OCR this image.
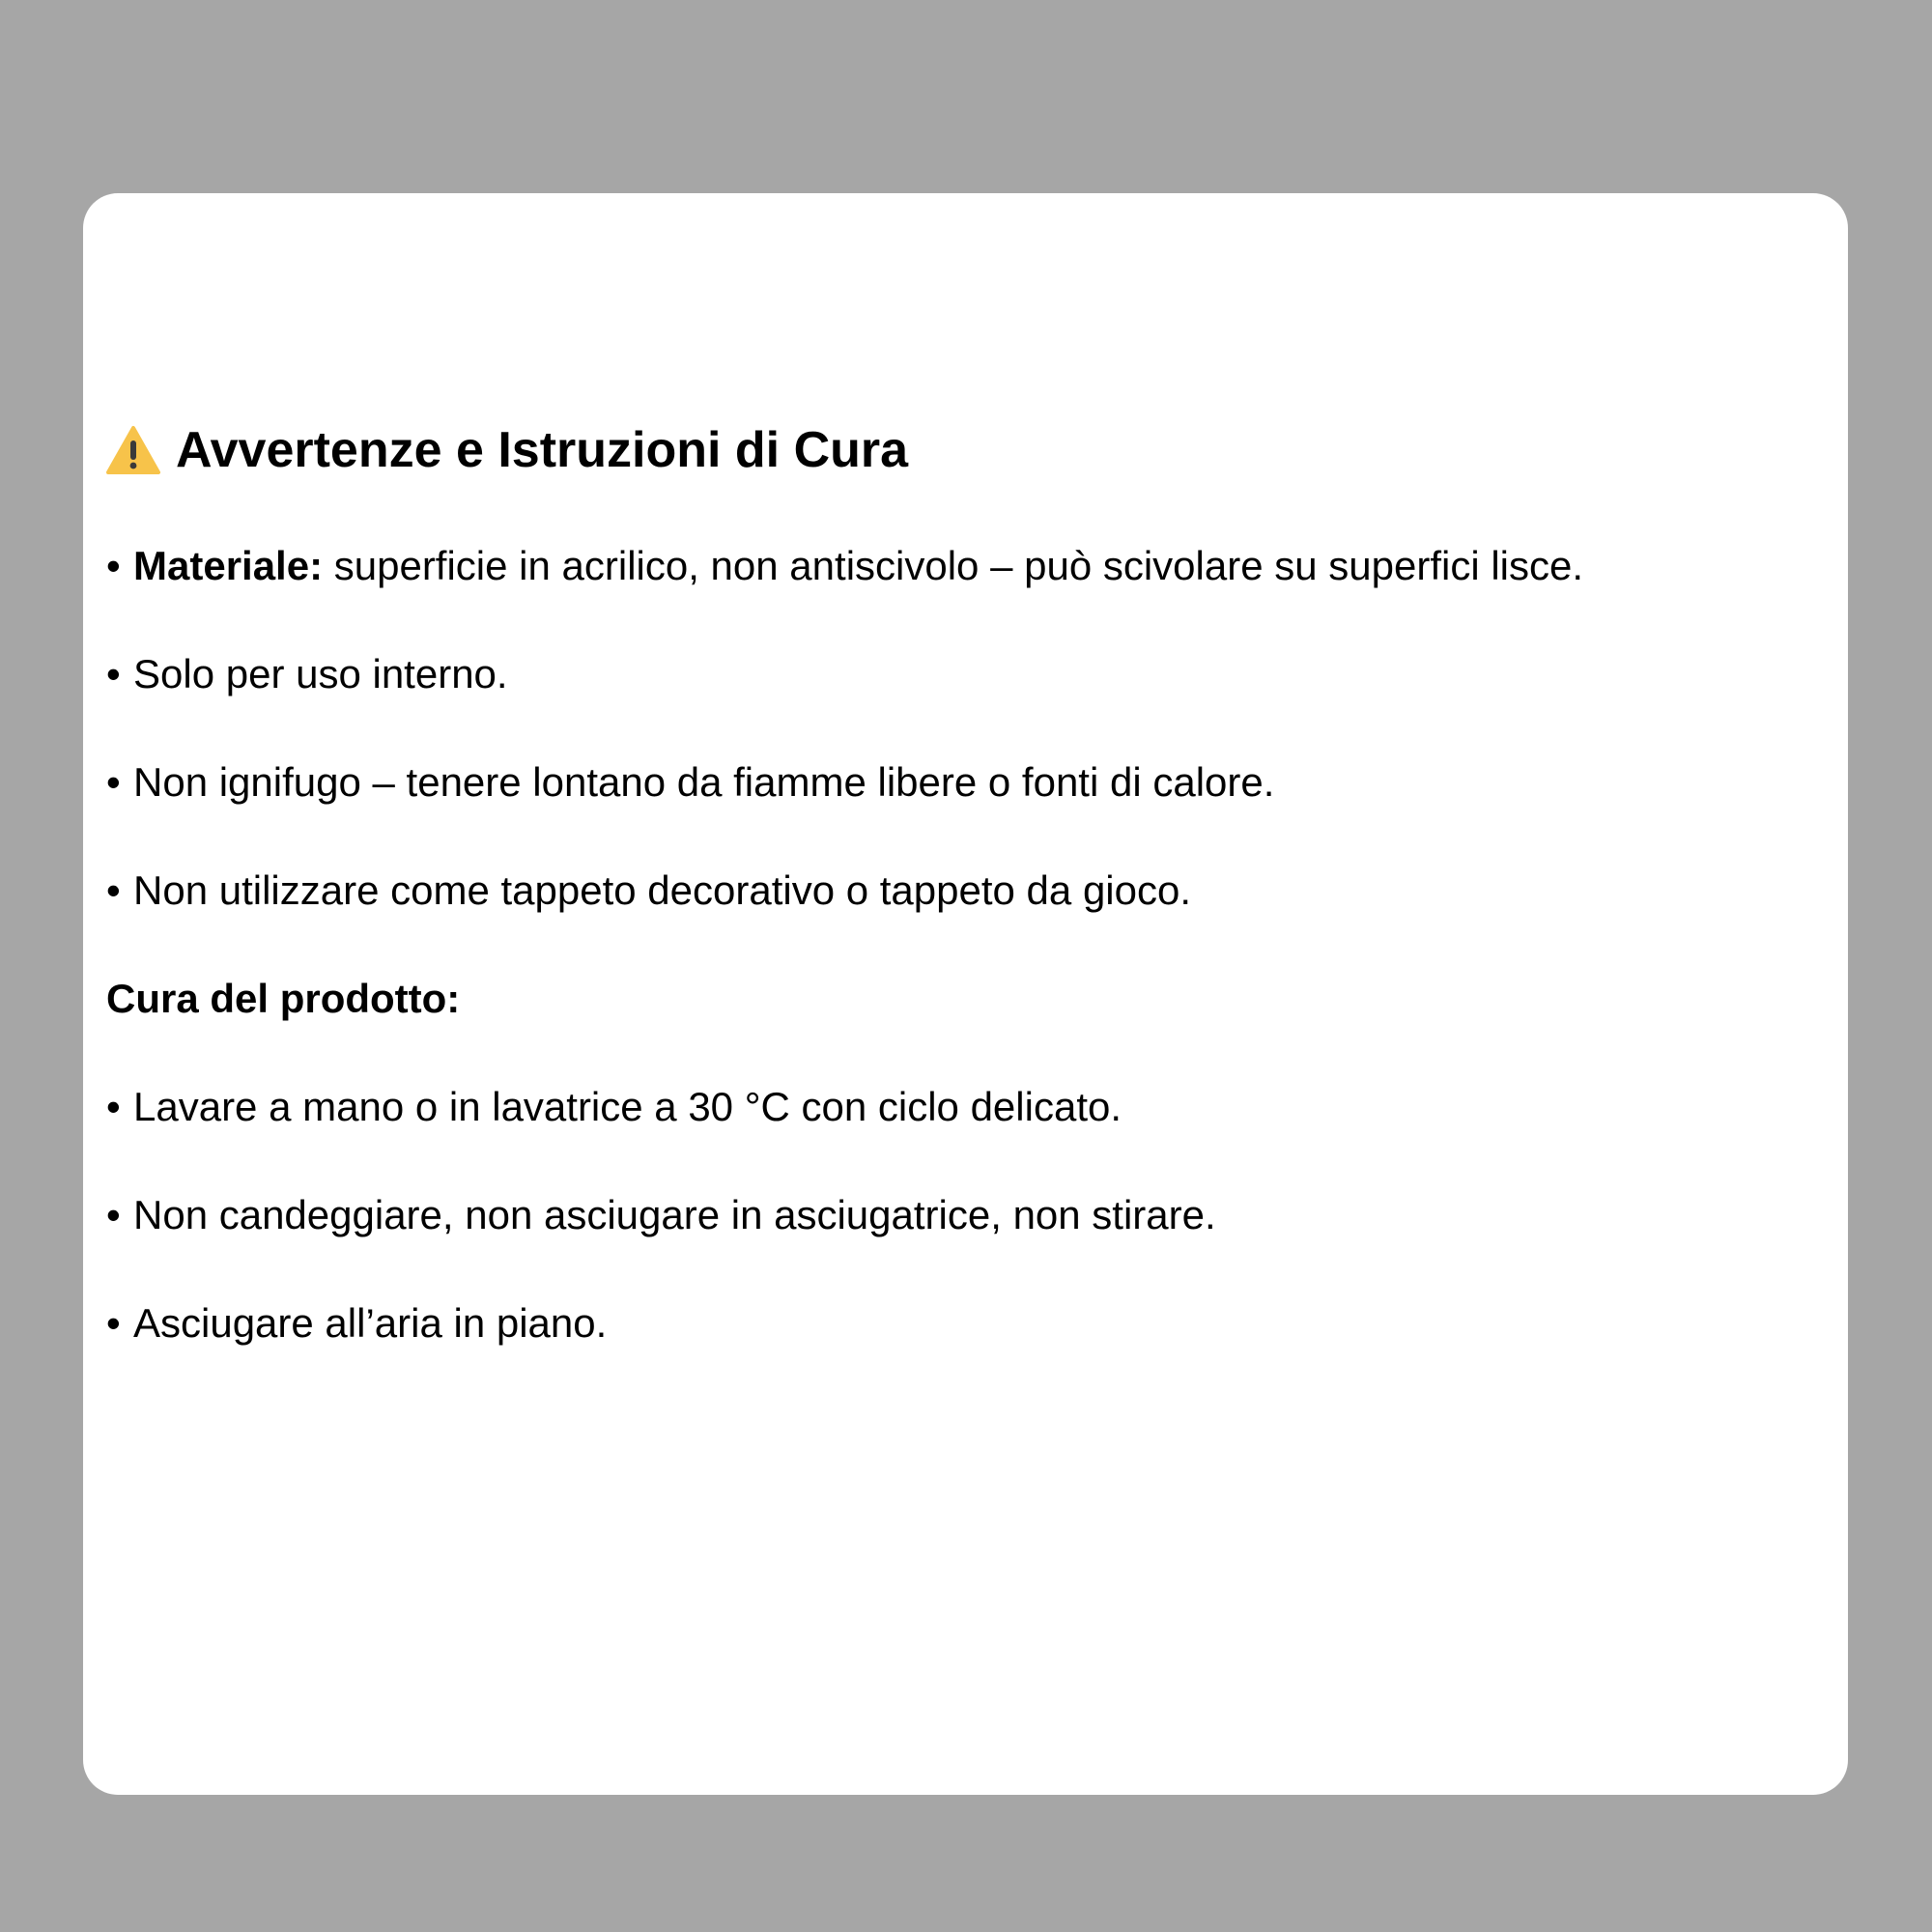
Avvertenze e Istruzioni di Cura
• Materiale: superficie in acrilico, non antiscivolo – può scivolare su superfici lisce.
• Solo per uso interno.
• Non ignifugo – tenere lontano da fiamme libere o fonti di calore.
• Non utilizzare come tappeto decorativo o tappeto da gioco.
Cura del prodotto:
• Lavare a mano o in lavatrice a 30 °C con ciclo delicato.
• Non candeggiare, non asciugare in asciugatrice, non stirare.
• Asciugare all’aria in piano.
